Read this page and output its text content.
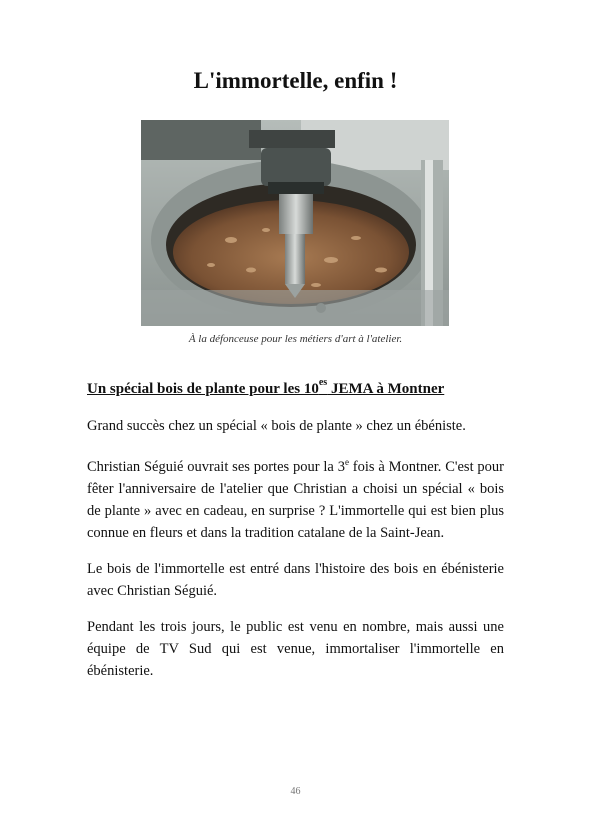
L'immortelle, enfin !
À la défonceuse pour les métiers d'art à l'atelier.
Un spécial bois de plante pour les $10^{es}$ JEMA à Montner

Grand succès chez un spécial « bois de plante » chez un ébéniste.

Christian Séguié ouvrait ses portes pour la 3e fois à Montner. C'est pour fêter l'anniversaire de l'atelier que Christian a choisi un spécial « bois de plante » avec en cadeau, en surprise ? L'immortelle qui est bien plus connue en fleurs et dans la tradition catalane de la Saint-Jean.

Le bois de l'immortelle est entré dans l'histoire des bois en ébénisterie avec Christian Séguié.

Pendant les trois jours, le public est venu en nombre, mais aussi une équipe de TV Sud qui est venue, immortaliser l'immortelle en ébénisterie.

46
